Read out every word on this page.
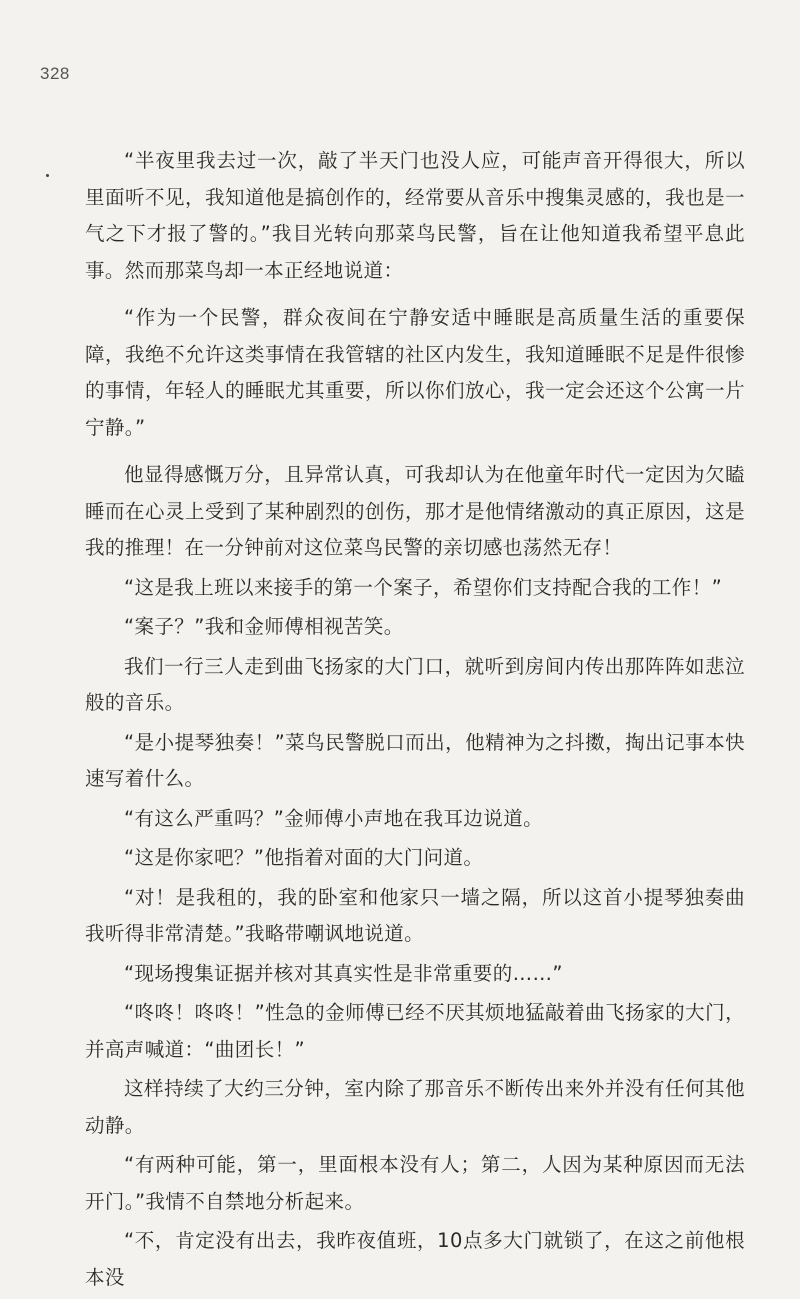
328

“半夜里我去过一次，敲了半天门也没人应，可能声音开得很大，所以里面听不见，我知道他是搞创作的，经常要从音乐中搜集灵感的，我也是一气之下才报了警的。”我目光转向那菜鸟民警，旨在让他知道我希望平息此事。然而那菜鸟却一本正经地说道：

“作为一个民警，群众夜间在宁静安适中睡眠是高质量生活的重要保障，我绝不允许这类事情在我管辖的社区内发生，我知道睡眠不足是件很惨的事情，年轻人的睡眠尤其重要，所以你们放心，我一定会还这个公寓一片宁静。”

他显得感慨万分，且异常认真，可我却认为在他童年时代一定因为欠瞌睡而在心灵上受到了某种剧烈的创伤，那才是他情绪激动的真正原因，这是我的推理！在一分钟前对这位菜鸟民警的亲切感也荡然无存！

“这是我上班以来接手的第一个案子，希望你们支持配合我的工作！”

“案子？”我和金师傅相视苦笑。

我们一行三人走到曲飞扬家的大门口，就听到房间内传出那阵阵如悲泣般的音乐。

“是小提琴独奏！”菜鸟民警脱口而出，他精神为之抖擞，掏出记事本快速写着什么。

“有这么严重吗？”金师傅小声地在我耳边说道。

“这是你家吧？”他指着对面的大门问道。

“对！是我租的，我的卧室和他家只一墙之隔，所以这首小提琴独奏曲我听得非常清楚。”我略带嘲讽地说道。

“现场搜集证据并核对其真实性是非常重要的……”

“咚咚！咚咚！”性急的金师傅已经不厌其烦地猛敲着曲飞扬家的大门，并高声喊道：“曲团长！”

这样持续了大约三分钟，室内除了那音乐不断传出来外并没有任何其他动静。

“有两种可能，第一，里面根本没有人；第二，人因为某种原因而无法开门。”我情不自禁地分析起来。

“不，肯定没有出去，我昨夜值班，10点多大门就锁了，在这之前他根本没
